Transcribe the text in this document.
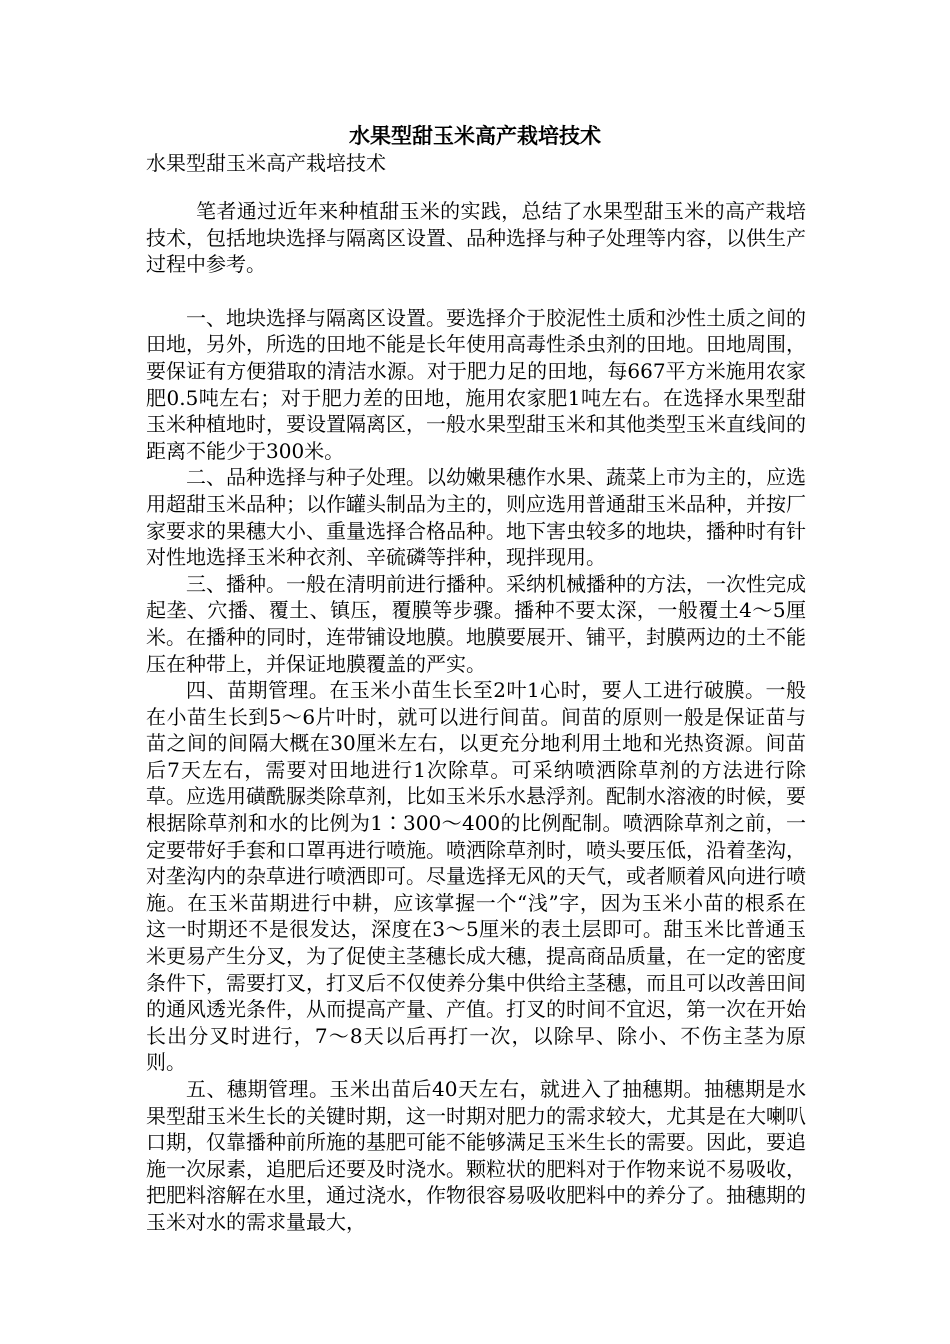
水果型甜玉米高产栽培技术

水果型甜玉米高产栽培技术

笔者通过近年来种植甜玉米的实践，总结了水果型甜玉米的高产栽培技术，包括地块选择与隔离区设置、品种选择与种子处理等内容，以供生产过程中参考。

一、地块选择与隔离区设置。要选择介于胶泥性土质和沙性土质之间的田地，另外，所选的田地不能是长年使用高毒性杀虫剂的田地。田地周围，要保证有方便猎取的清洁水源。对于肥力足的田地，每667平方米施用农家肥0.5吨左右；对于肥力差的田地，施用农家肥1吨左右。在选择水果型甜玉米种植地时，要设置隔离区，一般水果型甜玉米和其他类型玉米直线间的距离不能少于300米。

二、品种选择与种子处理。以幼嫩果穗作水果、蔬菜上市为主的，应选用超甜玉米品种；以作罐头制品为主的，则应选用普通甜玉米品种，并按厂家要求的果穗大小、重量选择合格品种。地下害虫较多的地块，播种时有针对性地选择玉米种衣剂、辛硫磷等拌种，现拌现用。

三、播种。一般在清明前进行播种。采纳机械播种的方法，一次性完成起垄、穴播、覆土、镇压，覆膜等步骤。播种不要太深，一般覆土4～5厘米。在播种的同时，连带铺设地膜。地膜要展开、铺平，封膜两边的土不能压在种带上，并保证地膜覆盖的严实。

四、苗期管理。在玉米小苗生长至2叶1心时，要人工进行破膜。一般在小苗生长到5～6片叶时，就可以进行间苗。间苗的原则一般是保证苗与苗之间的间隔大概在30厘米左右，以更充分地利用土地和光热资源。间苗后7天左右，需要对田地进行1次除草。可采纳喷洒除草剂的方法进行除草。应选用磺酰脲类除草剂，比如玉米乐水悬浮剂。配制水溶液的时候，要根据除草剂和水的比例为1∶300～400的比例配制。喷洒除草剂之前，一定要带好手套和口罩再进行喷施。喷洒除草剂时，喷头要压低，沿着垄沟，对垄沟内的杂草进行喷洒即可。尽量选择无风的天气，或者顺着风向进行喷施。在玉米苗期进行中耕，应该掌握一个“浅”字，因为玉米小苗的根系在这一时期还不是很发达，深度在3～5厘米的表土层即可。甜玉米比普通玉米更易产生分叉，为了促使主茎穗长成大穗，提高商品质量，在一定的密度条件下，需要打叉，打叉后不仅使养分集中供给主茎穗，而且可以改善田间的通风透光条件，从而提高产量、产值。打叉的时间不宜迟，第一次在开始长出分叉时进行，7～8天以后再打一次，以除早、除小、不伤主茎为原则。

五、穗期管理。玉米出苗后40天左右，就进入了抽穗期。抽穗期是水果型甜玉米生长的关键时期，这一时期对肥力的需求较大，尤其是在大喇叭口期，仅靠播种前所施的基肥可能不能够满足玉米生长的需要。因此，要追施一次尿素，追肥后还要及时浇水。颗粒状的肥料对于作物来说不易吸收，把肥料溶解在水里，通过浇水，作物很容易吸收肥料中的养分了。抽穗期的玉米对水的需求量最大，
